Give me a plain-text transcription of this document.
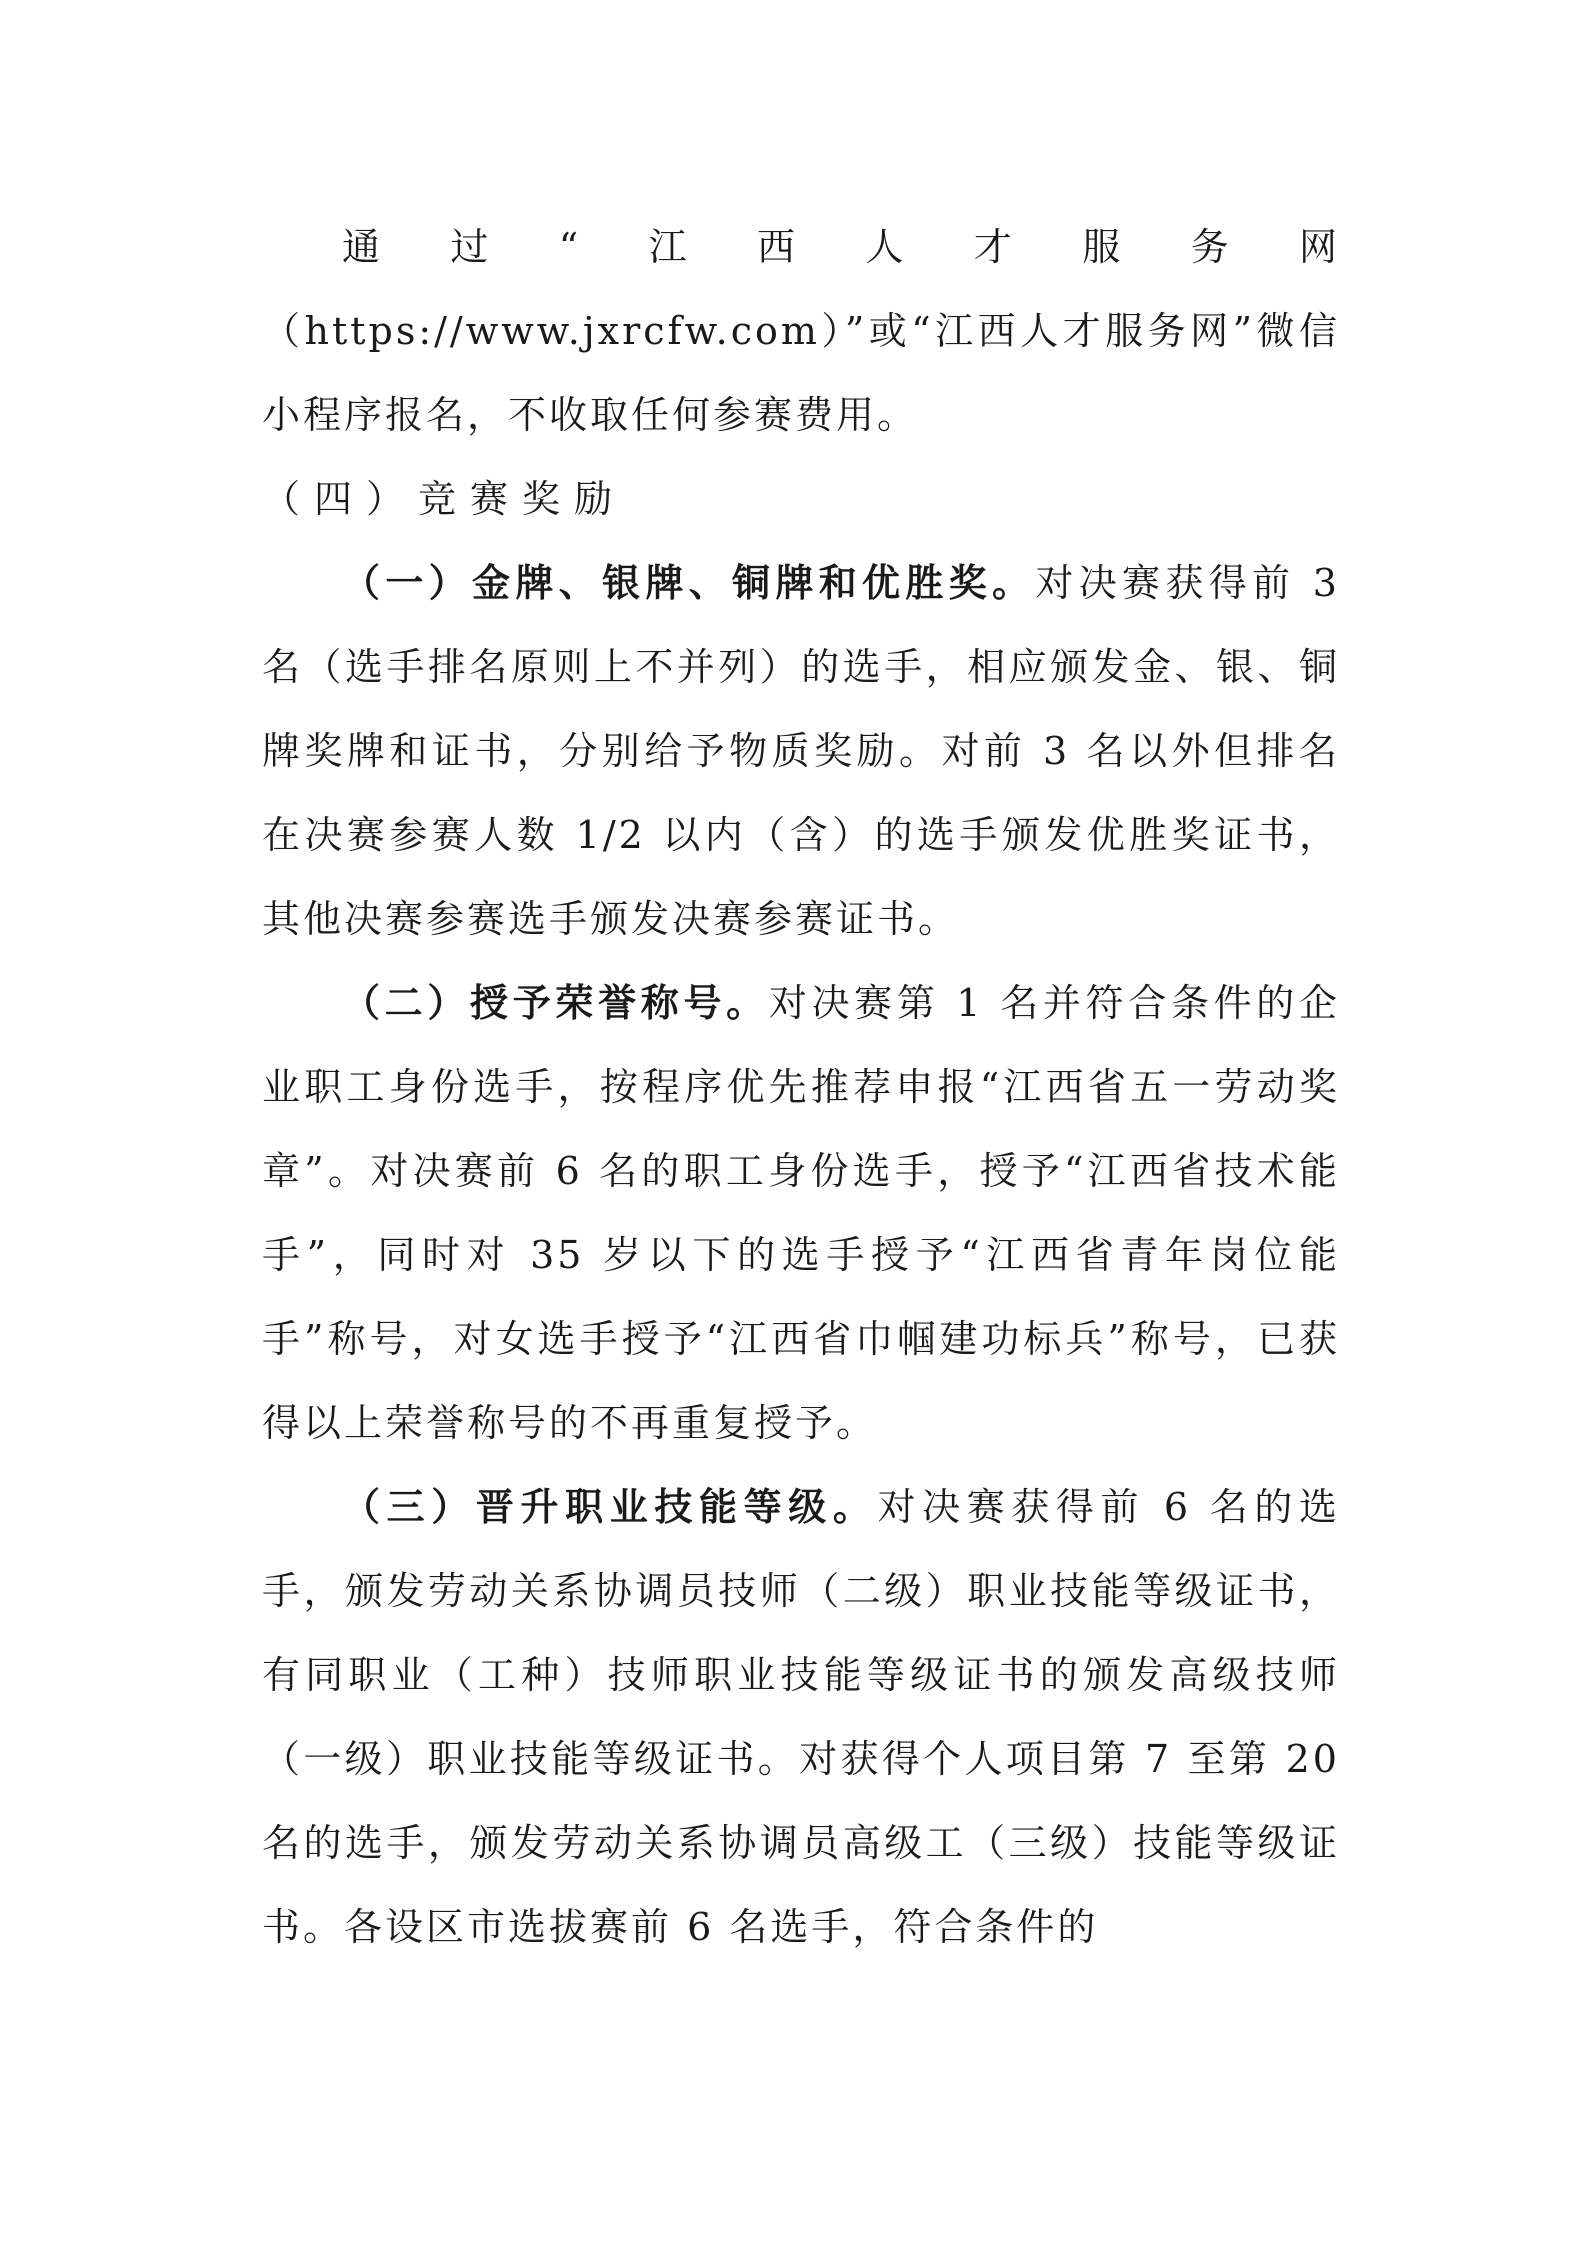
通过“江西人才服务网（https://www.jxrcfw.com）”或“江西人才服务网”微信小程序报名，不收取任何参赛费用。

（四）竞赛奖励

（一）金牌、银牌、铜牌和优胜奖。对决赛获得前 3 名（选手排名原则上不并列）的选手，相应颁发金、银、铜牌奖牌和证书，分别给予物质奖励。对前 3 名以外但排名在决赛参赛人数 1/2 以内（含）的选手颁发优胜奖证书，其他决赛参赛选手颁发决赛参赛证书。

（二）授予荣誉称号。对决赛第 1 名并符合条件的企业职工身份选手，按程序优先推荐申报“江西省五一劳动奖章”。对决赛前 6 名的职工身份选手，授予“江西省技术能手”，同时对 35 岁以下的选手授予“江西省青年岗位能手”称号，对女选手授予“江西省巾帼建功标兵”称号，已获得以上荣誉称号的不再重复授予。

（三）晋升职业技能等级。对决赛获得前 6 名的选手，颁发劳动关系协调员技师（二级）职业技能等级证书，有同职业（工种）技师职业技能等级证书的颁发高级技师（一级）职业技能等级证书。对获得个人项目第 7 至第 20 名的选手，颁发劳动关系协调员高级工（三级）技能等级证书。各设区市选拔赛前 6 名选手，符合条件的
